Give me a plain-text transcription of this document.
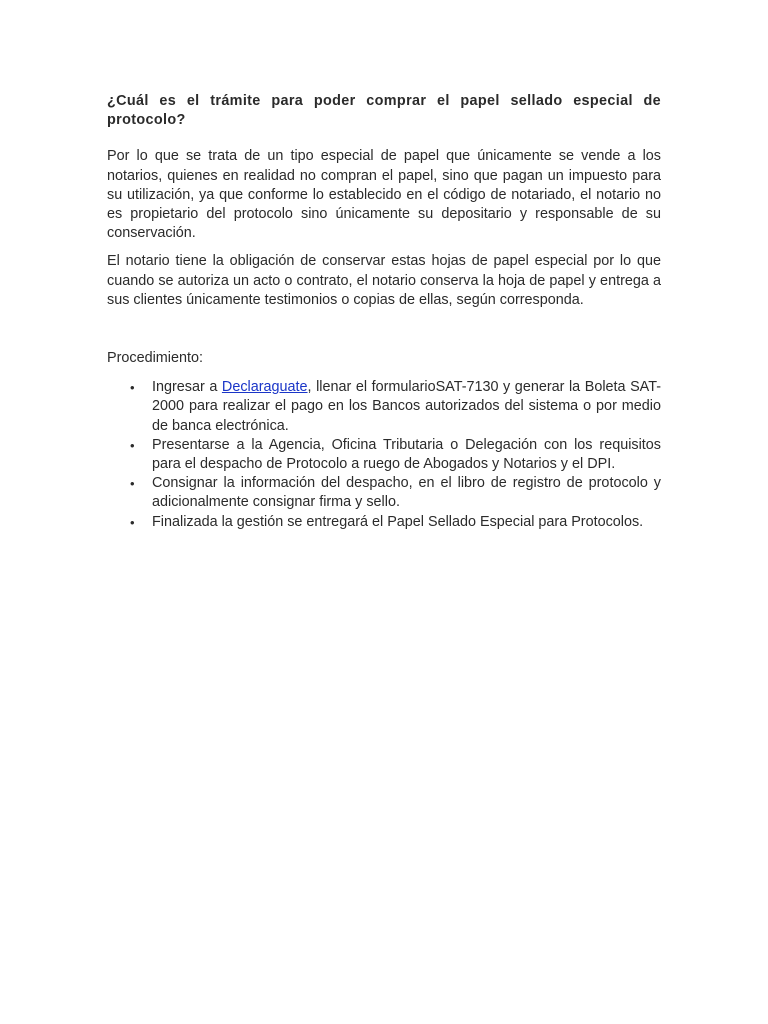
¿Cuál es el trámite para poder comprar el papel sellado especial de protocolo?

Por lo que se trata de un tipo especial de papel que únicamente se vende a los notarios, quienes en realidad no compran el papel, sino que pagan un impuesto para su utilización, ya que conforme lo establecido en el código de notariado, el notario no es propietario del protocolo sino únicamente su depositario y responsable de su conservación.

El notario tiene la obligación de conservar estas hojas de papel especial por lo que cuando se autoriza un acto o contrato, el notario conserva la hoja de papel y entrega a sus clientes únicamente testimonios o copias de ellas, según corresponda.

Procedimiento:

• Ingresar a Declaraguate, llenar el formularioSAT-7130 y generar la Boleta SAT-2000 para realizar el pago en los Bancos autorizados del sistema o por medio de banca electrónica.
• Presentarse a la Agencia, Oficina Tributaria o Delegación con los requisitos para el despacho de Protocolo a ruego de Abogados y Notarios y el DPI.
• Consignar la información del despacho, en el libro de registro de protocolo y adicionalmente consignar firma y sello.
• Finalizada la gestión se entregará el Papel Sellado Especial para Protocolos.
